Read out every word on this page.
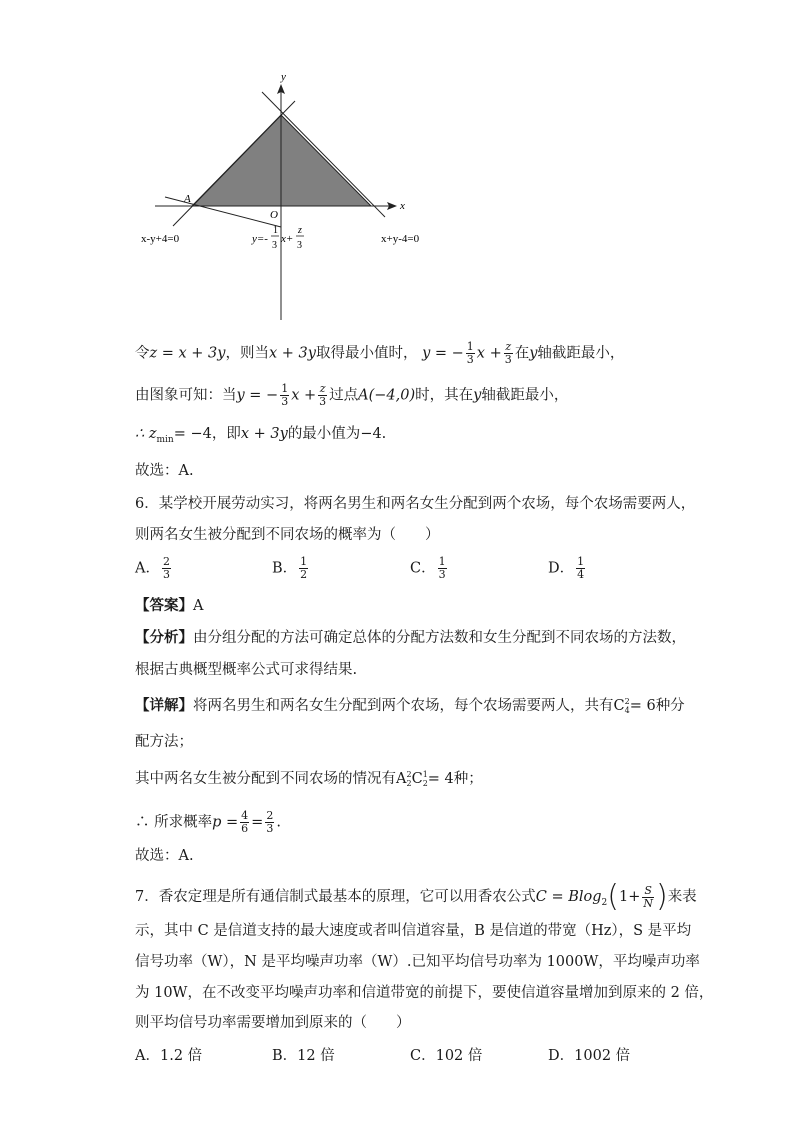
y
x
O
A
x-y+4=0	x+y-4=0
y=-
1
3
x+
z
3
令z = x + 3y，则当x + 3y取得最小值时， y = − $\frac{1}{3}$ $x + \frac{z}{3}$ 在y轴截距最小，
由图象可知：当y = − $\frac{1}{3}$ $x + \frac{z}{3}$ 过点A(−4,0)时，其在y轴截距最小，
∴ $z_{min}= -4$，即x + 3y的最小值为−4.
故选：A.
6．某学校开展劳动实习，将两名男生和两名女生分配到两个农场，每个农场需要两人，
则两名女生被分配到不同农场的概率为（　　）
A． $\frac{2}{3}$	B． $\frac{1}{2}$	C． $\frac{1}{3}$	D． $\frac{1}{4}$
【答案】A
【分析】由分组分配的方法可确定总体的分配方法数和女生分配到不同农场的方法数，
根据古典概型概率公式可求得结果.
【详解】将两名男生和两名女生分配到两个农场，每个农场需要两人，共有C 2
4 = 6种分
配方法；
其中两名女生被分配到不同农场的情况有A 2
2 C 1
2 = 4种；
∴ 所求概率$p = \frac{4}{6} = \frac{2}{3}$ .
故选：A.
7．香农定理是所有通信制式最基本的原理，它可以用香农公式$C = Blog_2(1+ \frac{S}{N}$ )来表
示，其中 C 是信道支持的最大速度或者叫信道容量，B 是信道的带宽（Hz），S 是平均
信号功率（W），N 是平均噪声功率（W）.已知平均信号功率为 1000W，平均噪声功率
为 10W，在不改变平均噪声功率和信道带宽的前提下，要使信道容量增加到原来的 2 倍，
则平均信号功率需要增加到原来的（　　）
A．1.2 倍	B．12 倍	C．102 倍	D．1002 倍
